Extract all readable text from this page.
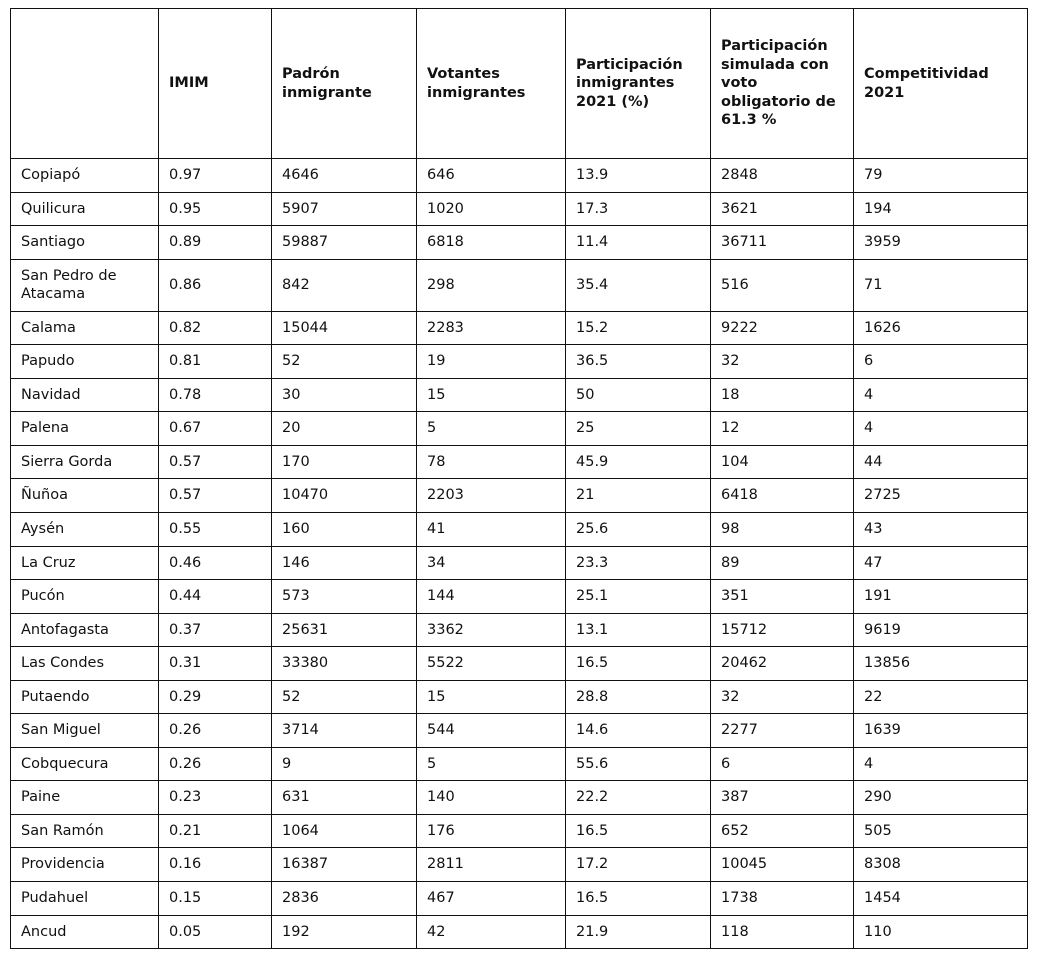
	IMIM	Padrón inmigrante	Votantes inmigrantes	Participación inmigrantes 2021 (%)	Participación simulada con voto obligatorio de 61.3 %	Competitividad 2021
Copiapó	0.97	4646	646	13.9	2848	79
Quilicura	0.95	5907	1020	17.3	3621	194
Santiago	0.89	59887	6818	11.4	36711	3959
San Pedro de Atacama	0.86	842	298	35.4	516	71
Calama	0.82	15044	2283	15.2	9222	1626
Papudo	0.81	52	19	36.5	32	6
Navidad	0.78	30	15	50	18	4
Palena	0.67	20	5	25	12	4
Sierra Gorda	0.57	170	78	45.9	104	44
Ñuñoa	0.57	10470	2203	21	6418	2725
Aysén	0.55	160	41	25.6	98	43
La Cruz	0.46	146	34	23.3	89	47
Pucón	0.44	573	144	25.1	351	191
Antofagasta	0.37	25631	3362	13.1	15712	9619
Las Condes	0.31	33380	5522	16.5	20462	13856
Putaendo	0.29	52	15	28.8	32	22
San Miguel	0.26	3714	544	14.6	2277	1639
Cobquecura	0.26	9	5	55.6	6	4
Paine	0.23	631	140	22.2	387	290
San Ramón	0.21	1064	176	16.5	652	505
Providencia	0.16	16387	2811	17.2	10045	8308
Pudahuel	0.15	2836	467	16.5	1738	1454
Ancud	0.05	192	42	21.9	118	110
